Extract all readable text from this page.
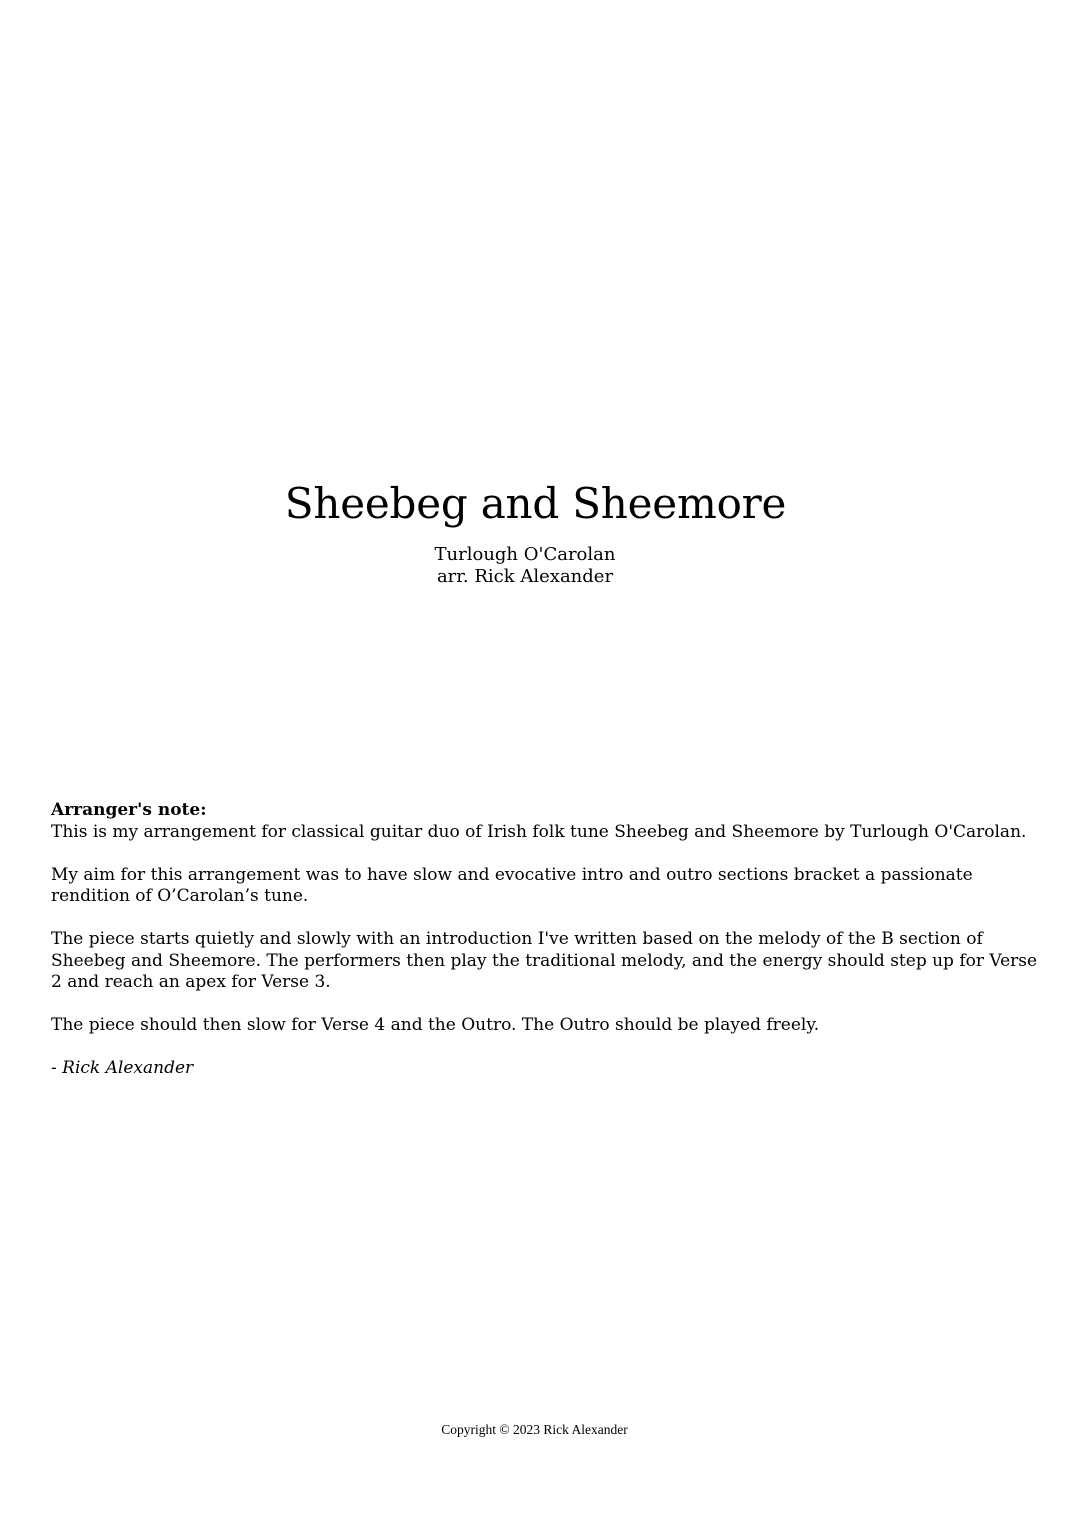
Sheebeg and Sheemore
Turlough O'Carolan
arr. Rick Alexander
Arranger's note:

This is my arrangement for classical guitar duo of Irish folk tune Sheebeg and Sheemore by Turlough O'Carolan.

My aim for this arrangement was to have slow and evocative intro and outro sections bracket a passionate rendition of O’Carolan’s tune.

The piece starts quietly and slowly with an introduction I've written based on the melody of the B section of Sheebeg and Sheemore. The performers then play the traditional melody, and the energy should step up for Verse 2 and reach an apex for Verse 3.

The piece should then slow for Verse 4 and the Outro. The Outro should be played freely.

- Rick Alexander
Copyright © 2023 Rick Alexander
